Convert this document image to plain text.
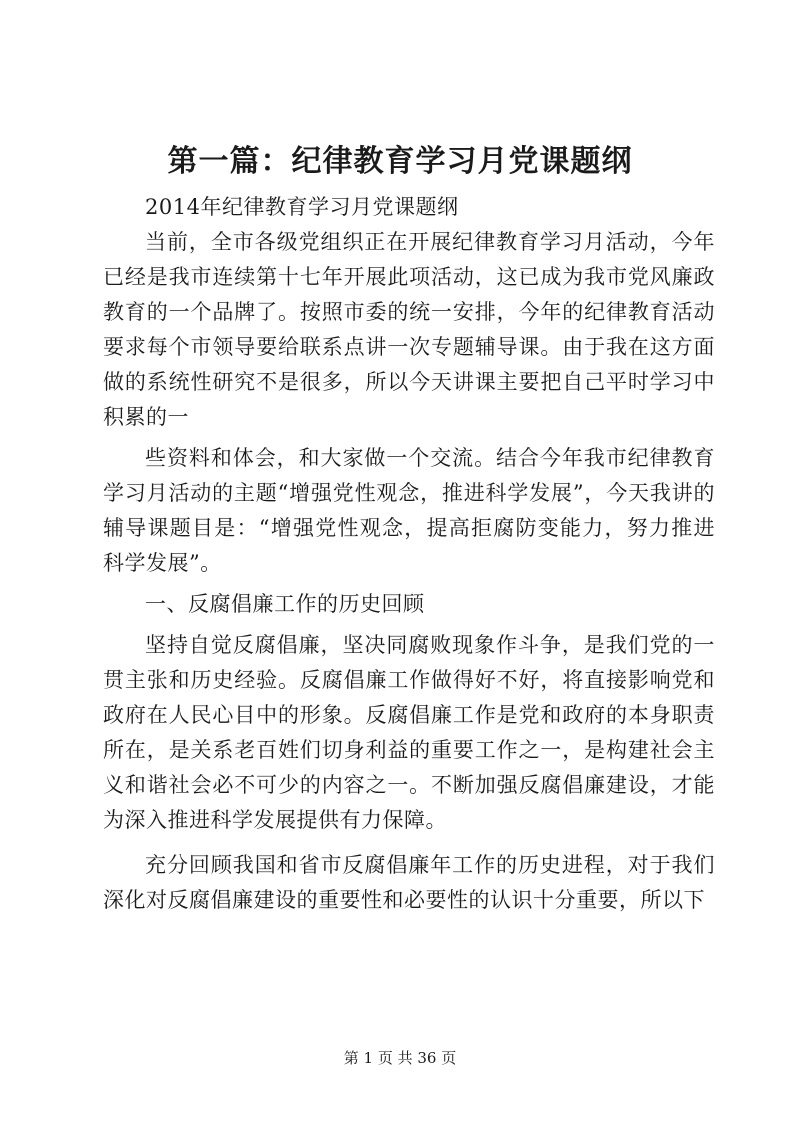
第一篇：纪律教育学习月党课题纲

2014年纪律教育学习月党课题纲

当前，全市各级党组织正在开展纪律教育学习月活动，今年已经是我市连续第十七年开展此项活动，这已成为我市党风廉政教育的一个品牌了。按照市委的统一安排，今年的纪律教育活动要求每个市领导要给联系点讲一次专题辅导课。由于我在这方面做的系统性研究不是很多，所以今天讲课主要把自己平时学习中积累的一

些资料和体会，和大家做一个交流。结合今年我市纪律教育学习月活动的主题“增强党性观念，推进科学发展”，今天我讲的辅导课题目是：“增强党性观念，提高拒腐防变能力，努力推进科学发展”。

一、反腐倡廉工作的历史回顾

坚持自觉反腐倡廉，坚决同腐败现象作斗争，是我们党的一贯主张和历史经验。反腐倡廉工作做得好不好，将直接影响党和政府在人民心目中的形象。反腐倡廉工作是党和政府的本身职责所在，是关系老百姓们切身利益的重要工作之一，是构建社会主义和谐社会必不可少的内容之一。不断加强反腐倡廉建设，才能为深入推进科学发展提供有力保障。

充分回顾我国和省市反腐倡廉年工作的历史进程，对于我们深化对反腐倡廉建设的重要性和必要性的认识十分重要，所以下

第 1 页 共 36 页
